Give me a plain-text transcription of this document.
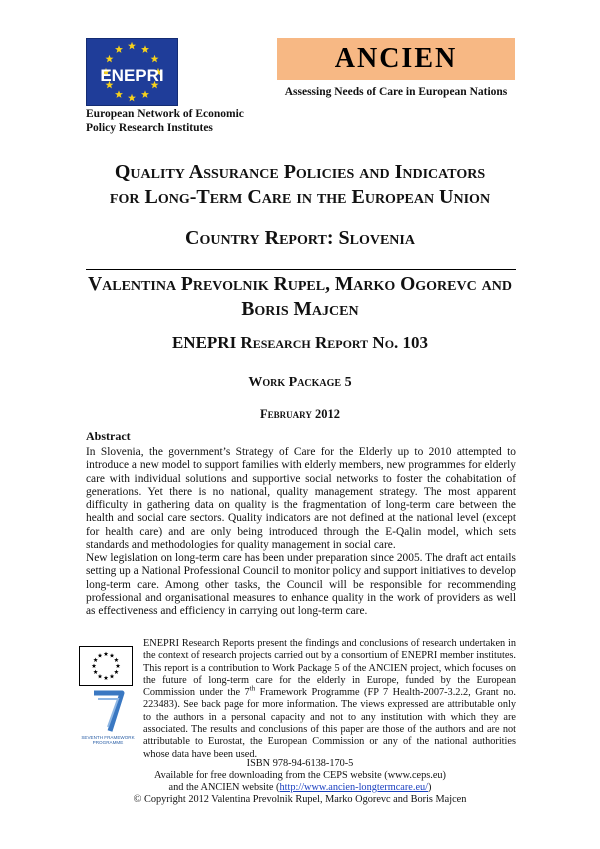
ENEPRI
European Network of Economic
Policy Research Institutes
ANCIEN
Assessing Needs of Care in European Nations
Quality Assurance Policies and Indicators
for Long-Term Care in the European Union
Country Report: Slovenia
Valentina Prevolnik Rupel, Marko Ogorevc and
Boris Majcen
ENEPRI Research Report No. 103
Work Package 5
February 2012
Abstract

In Slovenia, the government’s Strategy of Care for the Elderly up to 2010 attempted to introduce a new model to support families with elderly members, new programmes for elderly care with individual solutions and supportive social networks to foster the cohabitation of generations. Yet there is no national, quality management strategy. The most apparent difficulty in gathering data on quality is the fragmentation of long-term care between the health and social care sectors. Quality indicators are not defined at the national level (except for health care) and are only being introduced through the E-Qalin model, which sets standards and methodologies for quality management in social care.

New legislation on long-term care has been under preparation since 2005. The draft act entails setting up a National Professional Council to monitor policy and support initiatives to develop long-term care. Among other tasks, the Council will be responsible for recommending professional and organisational measures to enhance quality in the work of providers as well as effectiveness and efficiency in carrying out long-term care.

SEVENTH FRAMEWORK
PROGRAMME

ENEPRI Research Reports present the findings and conclusions of research undertaken in the context of research projects carried out by a consortium of ENEPRI member institutes. This report is a contribution to Work Package 5 of the ANCIEN project, which focuses on the future of long-term care for the elderly in Europe, funded by the European Commission under the 7th Framework Programme (FP 7 Health-2007-3.2.2, Grant no. 223483). See back page for more information. The views expressed are attributable only to the authors in a personal capacity and not to any institution with which they are associated. The results and conclusions of this paper are those of the authors and are not attributable to Eurostat, the European Commission or any of the national authorities whose data have been used.

ISBN 978-94-6138-170-5
Available for free downloading from the CEPS website (www.ceps.eu)
and the ANCIEN website (http://www.ancien-longtermcare.eu/)
© Copyright 2012 Valentina Prevolnik Rupel, Marko Ogorevc and Boris Majcen
